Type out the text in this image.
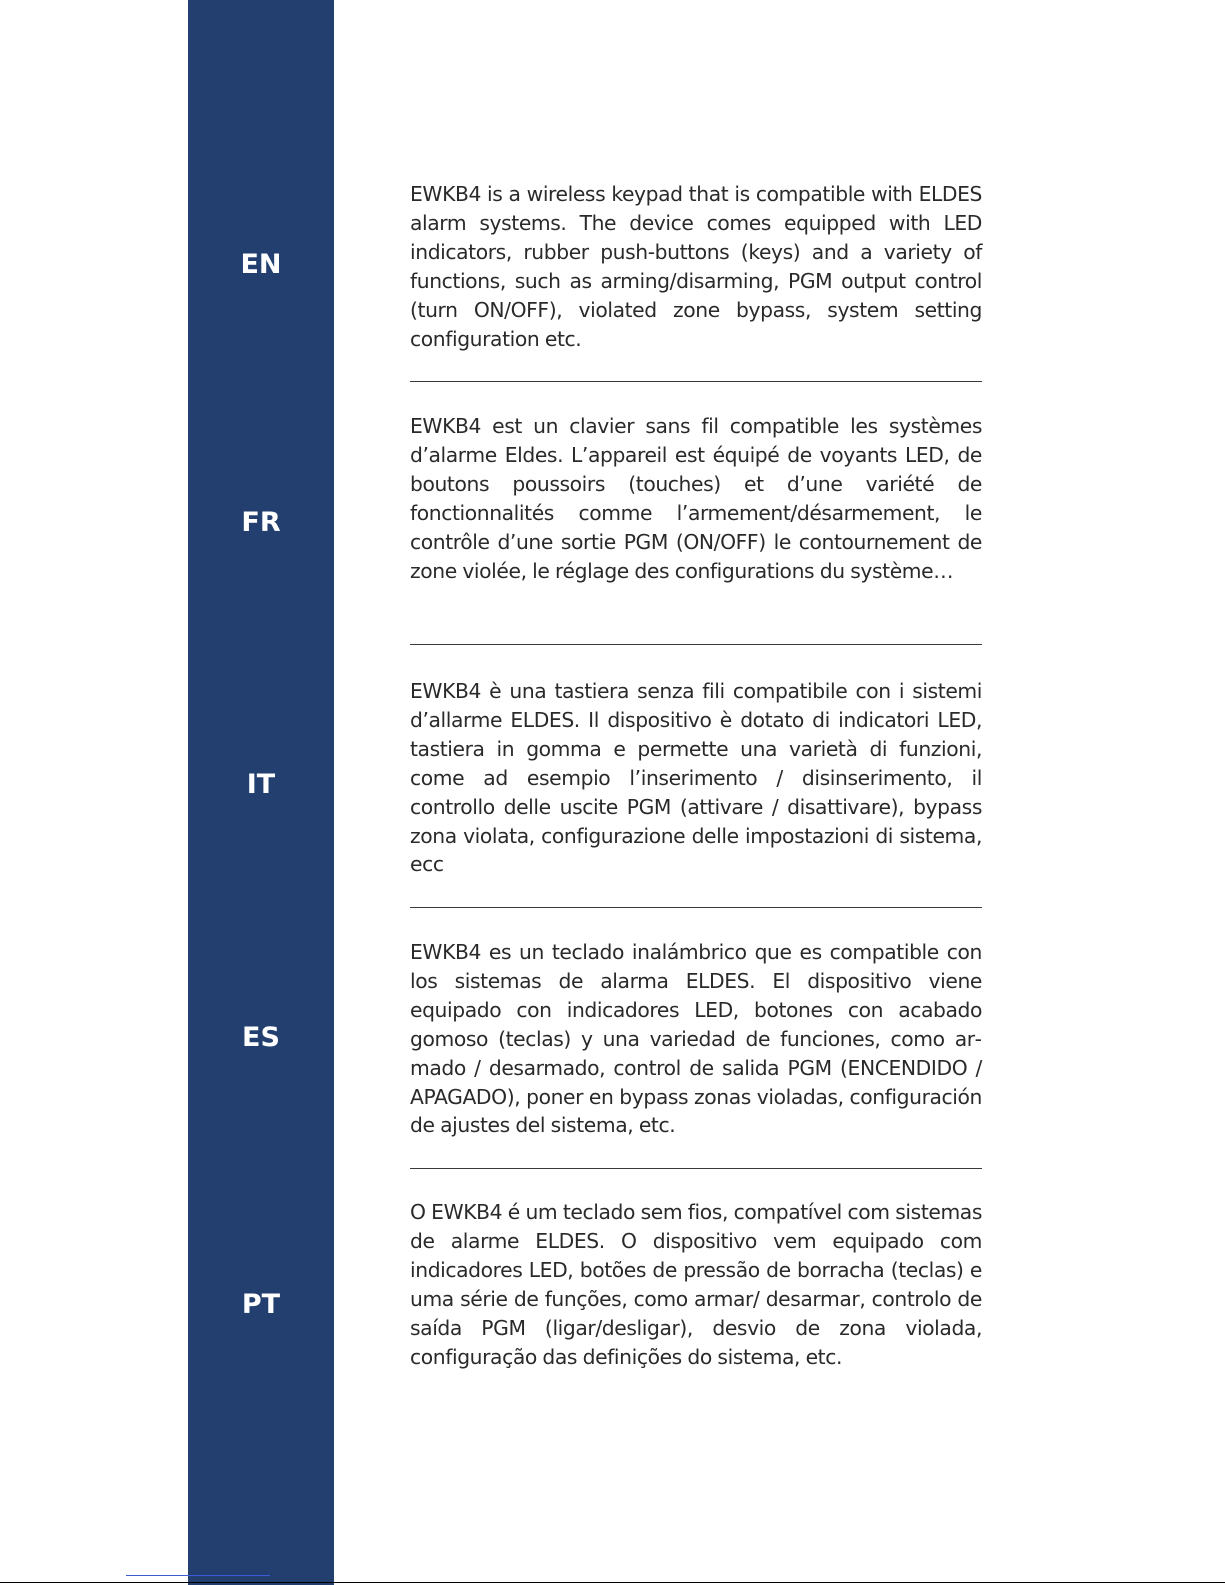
EN
FR
IT
ES
PT

EWKB4 is a wireless keypad that is compatible with ELDES alarm systems. The device comes equipped with LED indicators, rubber push-buttons (keys) and a variety of functions, such as arming/disarming, PGM output control (turn ON/OFF), violated zone bypass, system setting configuration etc.

EWKB4 est un clavier sans fil compatible les systèmes d’alarme Eldes. L’appareil est équipé de voyants LED, de boutons poussoirs (touches) et d’une variété de fonctionnalités comme l’armement/désarmement, le contrôle d’une sortie PGM (ON/OFF) le contournement de zone violée, le réglage des configurations du système…

EWKB4 è una tastiera senza fili compatibile con i sistemi d’allarme ELDES. Il dispositivo è dotato di indicatori LED, tastiera in gomma e permette una varietà di funzioni, come ad esempio l’inserimento / disinserimento, il controllo delle uscite PGM (attivare / disattivare), bypass zona violata, configurazione delle impostazioni di sistema, ecc

EWKB4 es un teclado inalámbrico que es compatible con los sistemas de alarma ELDES. El dispositivo viene equipado con indicadores LED, botones con acabado gomoso (teclas) y una variedad de funciones, como armado / desarmado, control de salida PGM (ENCENDIDO / APAGADO), poner en bypass zonas violadas, configuración de ajustes del sistema, etc.

O EWKB4 é um teclado sem fios, compatível com sistemas de alarme ELDES. O dispositivo vem equipado com indicadores LED, botões de pressão de borracha (teclas) e uma série de funções, como armar/ desarmar, controlo de saída PGM (ligar/desligar), desvio de zona violada, configuração das definições do sistema, etc.
